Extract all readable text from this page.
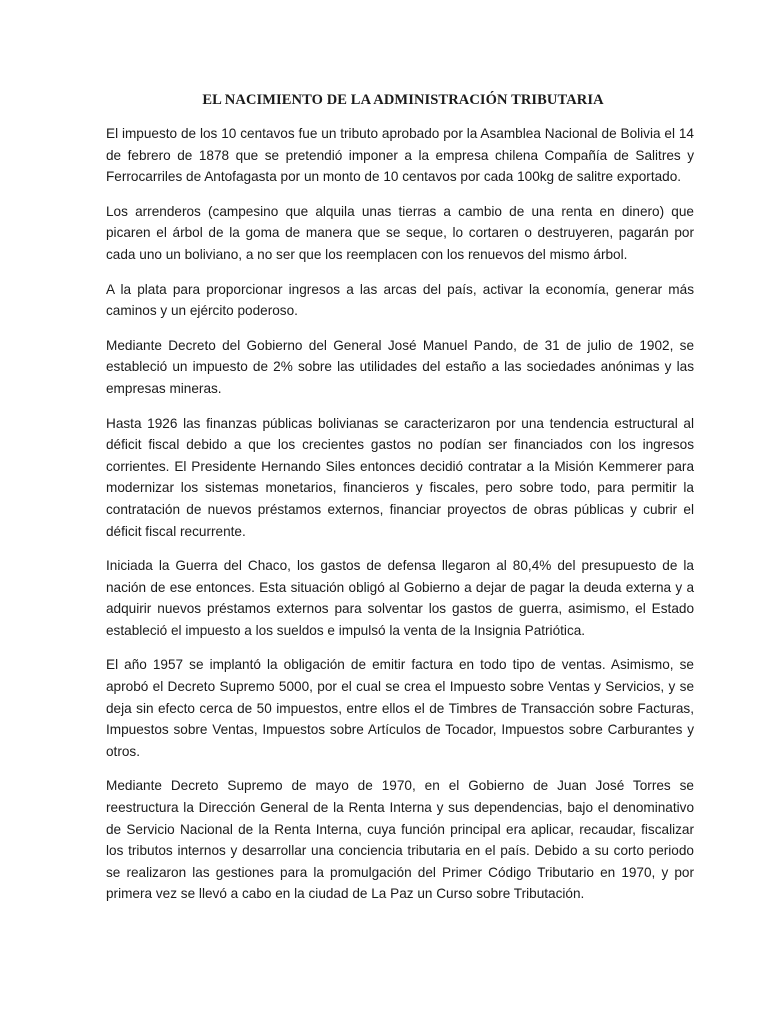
EL NACIMIENTO DE LA ADMINISTRACIÓN TRIBUTARIA

El impuesto de los 10 centavos fue un tributo aprobado por la Asamblea Nacional de Bolivia el 14 de febrero de 1878 que se pretendió imponer a la empresa chilena Compañía de Salitres y Ferrocarriles de Antofagasta por un monto de 10 centavos por cada 100kg de salitre exportado.

Los arrenderos (campesino que alquila unas tierras a cambio de una renta en dinero) que picaren el árbol de la goma de manera que se seque, lo cortaren o destruyeren, pagarán por cada uno un boliviano, a no ser que los reemplacen con los renuevos del mismo árbol.

A la plata para proporcionar ingresos a las arcas del país, activar la economía, generar más caminos y un ejército poderoso.

Mediante Decreto del Gobierno del General José Manuel Pando, de 31 de julio de 1902, se estableció un impuesto de 2% sobre las utilidades del estaño a las sociedades anónimas y las empresas mineras.

Hasta 1926 las finanzas públicas bolivianas se caracterizaron por una tendencia estructural al déficit fiscal debido a que los crecientes gastos no podían ser financiados con los ingresos corrientes. El Presidente Hernando Siles entonces decidió contratar a la Misión Kemmerer para modernizar los sistemas monetarios, financieros y fiscales, pero sobre todo, para permitir la contratación de nuevos préstamos externos, financiar proyectos de obras públicas y cubrir el déficit fiscal recurrente.

Iniciada la Guerra del Chaco, los gastos de defensa llegaron al 80,4% del presupuesto de la nación de ese entonces. Esta situación obligó al Gobierno a dejar de pagar la deuda externa y a adquirir nuevos préstamos externos para solventar los gastos de guerra, asimismo, el Estado estableció el impuesto a los sueldos e impulsó la venta de la Insignia Patriótica.

El año 1957 se implantó la obligación de emitir factura en todo tipo de ventas. Asimismo, se aprobó el Decreto Supremo 5000, por el cual se crea el Impuesto sobre Ventas y Servicios, y se deja sin efecto cerca de 50 impuestos, entre ellos el de Timbres de Transacción sobre Facturas, Impuestos sobre Ventas, Impuestos sobre Artículos de Tocador, Impuestos sobre Carburantes y otros.

Mediante Decreto Supremo de mayo de 1970, en el Gobierno de Juan José Torres se reestructura la Dirección General de la Renta Interna y sus dependencias, bajo el denominativo de Servicio Nacional de la Renta Interna, cuya función principal era aplicar, recaudar, fiscalizar los tributos internos y desarrollar una conciencia tributaria en el país. Debido a su corto periodo se realizaron las gestiones para la promulgación del Primer Código Tributario en 1970, y por primera vez se llevó a cabo en la ciudad de La Paz un Curso sobre Tributación.
